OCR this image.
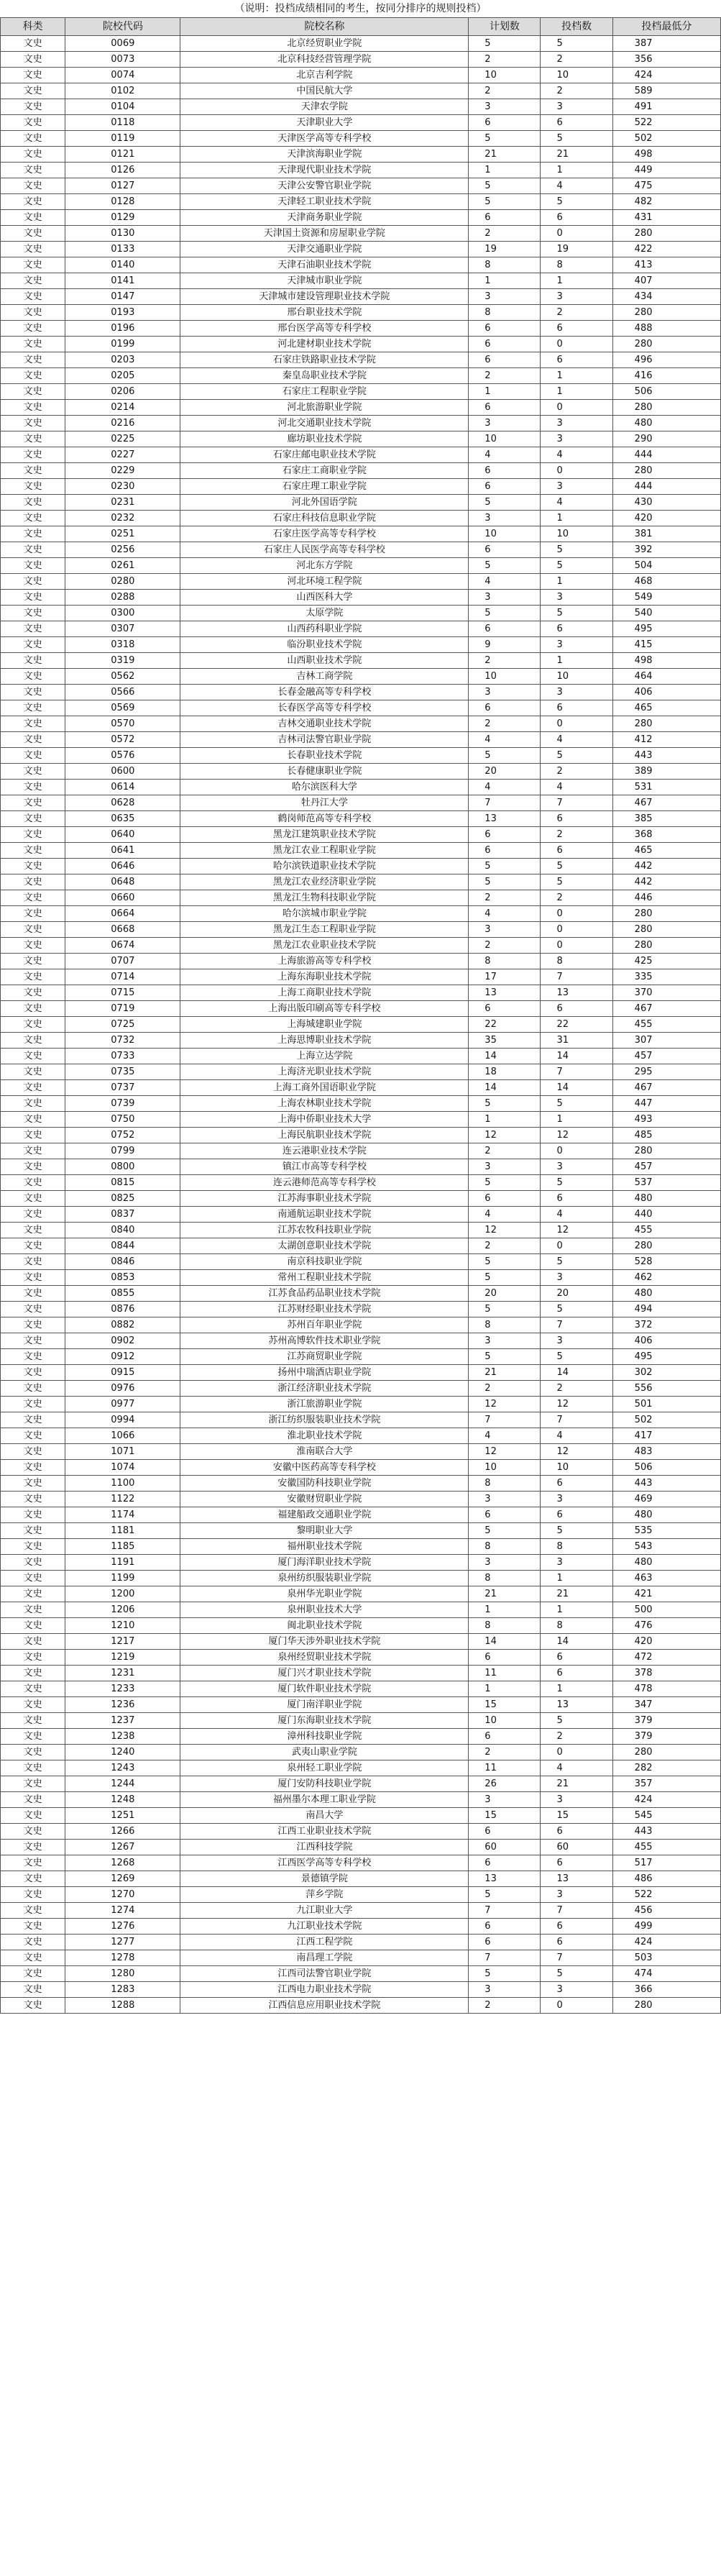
（说明：投档成绩相同的考生，按同分排序的规则投档）
科类	院校代码	院校名称	计划数	投档数	投档最低分
文史	0069	北京经贸职业学院	5	5	387
文史	0073	北京科技经营管理学院	2	2	356
文史	0074	北京吉利学院	10	10	424
文史	0102	中国民航大学	2	2	589
文史	0104	天津农学院	3	3	491
文史	0118	天津职业大学	6	6	522
文史	0119	天津医学高等专科学校	5	5	502
文史	0121	天津滨海职业学院	21	21	498
文史	0126	天津现代职业技术学院	1	1	449
文史	0127	天津公安警官职业学院	5	4	475
文史	0128	天津轻工职业技术学院	5	5	482
文史	0129	天津商务职业学院	6	6	431
文史	0130	天津国土资源和房屋职业学院	2	0	280
文史	0133	天津交通职业学院	19	19	422
文史	0140	天津石油职业技术学院	8	8	413
文史	0141	天津城市职业学院	1	1	407
文史	0147	天津城市建设管理职业技术学院	3	3	434
文史	0193	邢台职业技术学院	8	2	280
文史	0196	邢台医学高等专科学校	6	6	488
文史	0199	河北建材职业技术学院	6	0	280
文史	0203	石家庄铁路职业技术学院	6	6	496
文史	0205	秦皇岛职业技术学院	2	1	416
文史	0206	石家庄工程职业学院	1	1	506
文史	0214	河北旅游职业学院	6	0	280
文史	0216	河北交通职业技术学院	3	3	480
文史	0225	廊坊职业技术学院	10	3	290
文史	0227	石家庄邮电职业技术学院	4	4	444
文史	0229	石家庄工商职业学院	6	0	280
文史	0230	石家庄理工职业学院	6	3	444
文史	0231	河北外国语学院	5	4	430
文史	0232	石家庄科技信息职业学院	3	1	420
文史	0251	石家庄医学高等专科学校	10	10	381
文史	0256	石家庄人民医学高等专科学校	6	5	392
文史	0261	河北东方学院	5	5	504
文史	0280	河北环境工程学院	4	1	468
文史	0288	山西医科大学	3	3	549
文史	0300	太原学院	5	5	540
文史	0307	山西药科职业学院	6	6	495
文史	0318	临汾职业技术学院	9	3	415
文史	0319	山西职业技术学院	2	1	498
文史	0562	吉林工商学院	10	10	464
文史	0566	长春金融高等专科学校	3	3	406
文史	0569	长春医学高等专科学校	6	6	465
文史	0570	吉林交通职业技术学院	2	0	280
文史	0572	吉林司法警官职业学院	4	4	412
文史	0576	长春职业技术学院	5	5	443
文史	0600	长春健康职业学院	20	2	389
文史	0614	哈尔滨医科大学	4	4	531
文史	0628	牡丹江大学	7	7	467
文史	0635	鹤岗师范高等专科学校	13	6	385
文史	0640	黑龙江建筑职业技术学院	6	2	368
文史	0641	黑龙江农业工程职业学院	6	6	465
文史	0646	哈尔滨铁道职业技术学院	5	5	442
文史	0648	黑龙江农业经济职业学院	5	5	442
文史	0660	黑龙江生物科技职业学院	2	2	446
文史	0664	哈尔滨城市职业学院	4	0	280
文史	0668	黑龙江生态工程职业学院	3	0	280
文史	0674	黑龙江农业职业技术学院	2	0	280
文史	0707	上海旅游高等专科学校	8	8	425
文史	0714	上海东海职业技术学院	17	7	335
文史	0715	上海工商职业技术学院	13	13	370
文史	0719	上海出版印刷高等专科学校	6	6	467
文史	0725	上海城建职业学院	22	22	455
文史	0732	上海思博职业技术学院	35	31	307
文史	0733	上海立达学院	14	14	457
文史	0735	上海济光职业技术学院	18	7	295
文史	0737	上海工商外国语职业学院	14	14	467
文史	0739	上海农林职业技术学院	5	5	447
文史	0750	上海中侨职业技术大学	1	1	493
文史	0752	上海民航职业技术学院	12	12	485
文史	0799	连云港职业技术学院	2	0	280
文史	0800	镇江市高等专科学校	3	3	457
文史	0815	连云港师范高等专科学校	5	5	537
文史	0825	江苏海事职业技术学院	6	6	480
文史	0837	南通航运职业技术学院	4	4	440
文史	0840	江苏农牧科技职业学院	12	12	455
文史	0844	太湖创意职业技术学院	2	0	280
文史	0846	南京科技职业学院	5	5	528
文史	0853	常州工程职业技术学院	5	3	462
文史	0855	江苏食品药品职业技术学院	20	20	480
文史	0876	江苏财经职业技术学院	5	5	494
文史	0882	苏州百年职业学院	8	7	372
文史	0902	苏州高博软件技术职业学院	3	3	406
文史	0912	江苏商贸职业学院	5	5	495
文史	0915	扬州中瑞酒店职业学院	21	14	302
文史	0976	浙江经济职业技术学院	2	2	556
文史	0977	浙江旅游职业学院	12	12	501
文史	0994	浙江纺织服装职业技术学院	7	7	502
文史	1066	淮北职业技术学院	4	4	417
文史	1071	淮南联合大学	12	12	483
文史	1074	安徽中医药高等专科学校	10	10	506
文史	1100	安徽国防科技职业学院	8	6	443
文史	1122	安徽财贸职业学院	3	3	469
文史	1174	福建船政交通职业学院	6	6	480
文史	1181	黎明职业大学	5	5	535
文史	1185	福州职业技术学院	8	8	543
文史	1191	厦门海洋职业技术学院	3	3	480
文史	1199	泉州纺织服装职业学院	8	1	463
文史	1200	泉州华光职业学院	21	21	421
文史	1206	泉州职业技术大学	1	1	500
文史	1210	闽北职业技术学院	8	8	476
文史	1217	厦门华天涉外职业技术学院	14	14	420
文史	1219	泉州经贸职业技术学院	6	6	472
文史	1231	厦门兴才职业技术学院	11	6	378
文史	1233	厦门软件职业技术学院	1	1	478
文史	1236	厦门南洋职业学院	15	13	347
文史	1237	厦门东海职业技术学院	10	5	379
文史	1238	漳州科技职业学院	6	2	379
文史	1240	武夷山职业学院	2	0	280
文史	1243	泉州轻工职业学院	11	4	282
文史	1244	厦门安防科技职业学院	26	21	357
文史	1248	福州墨尔本理工职业学院	3	3	424
文史	1251	南昌大学	15	15	545
文史	1266	江西工业职业技术学院	6	6	443
文史	1267	江西科技学院	60	60	455
文史	1268	江西医学高等专科学校	6	6	517
文史	1269	景德镇学院	13	13	486
文史	1270	萍乡学院	5	3	522
文史	1274	九江职业大学	7	7	456
文史	1276	九江职业技术学院	6	6	499
文史	1277	江西工程学院	6	6	424
文史	1278	南昌理工学院	7	7	503
文史	1280	江西司法警官职业学院	5	5	474
文史	1283	江西电力职业技术学院	3	3	366
文史	1288	江西信息应用职业技术学院	2	0	280
